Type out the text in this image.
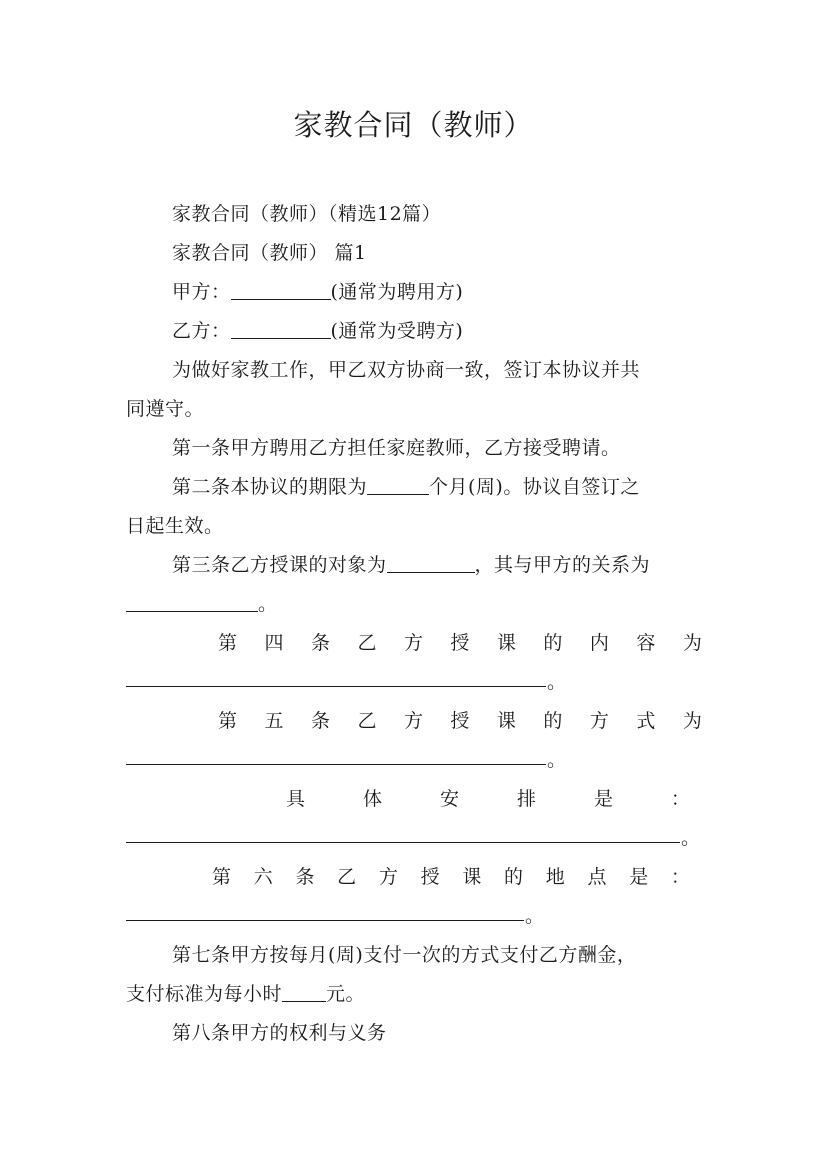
家教合同（教师）
家教合同（教师）（精选12篇）
家教合同（教师） 篇1
甲方：	(通常为聘用方)
乙方：	(通常为受聘方)
为做好家教工作，甲乙双方协商一致，签订本协议并共
同遵守。
第一条甲方聘用乙方担任家庭教师，乙方接受聘请。
第二条本协议的期限为	个月(周)。协议自签订之
日起生效。
第三条乙方授课的对象为	，其与甲方的关系为
。
第 四 条 乙 方 授 课 的 内 容 为
。
第 五 条 乙 方 授 课 的 方 式 为
。
具	体	安	排	是	：
。
第 六 条 乙 方 授 课 的 地 点 是 ：
。
第七条甲方按每月(周)支付一次的方式支付乙方酬金，
支付标准为每小时 元。
第八条甲方的权利与义务
